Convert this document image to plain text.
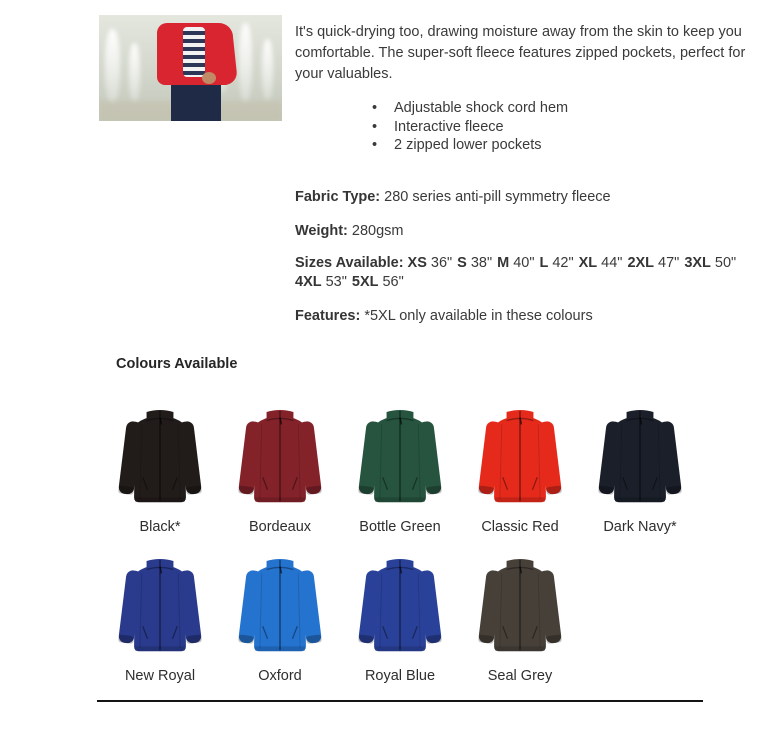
It's quick-drying too, drawing moisture away from the skin to keep you comfortable. The super-soft fleece features zipped pockets, perfect for your valuables.

• Adjustable shock cord hem
• Interactive fleece
• 2 zipped lower pockets

Fabric Type: 280 series anti-pill symmetry fleece

Weight: 280gsm

Sizes Available: XS 36" S 38" M 40" L 42" XL 44" 2XL 47" 3XL 50"
4XL 53" 5XL 56"

Features: *5XL only available in these colours

Colours Available
Black*	Bordeaux	Bottle Green	Classic Red	Dark Navy*
New Royal	Oxford	Royal Blue	Seal Grey
